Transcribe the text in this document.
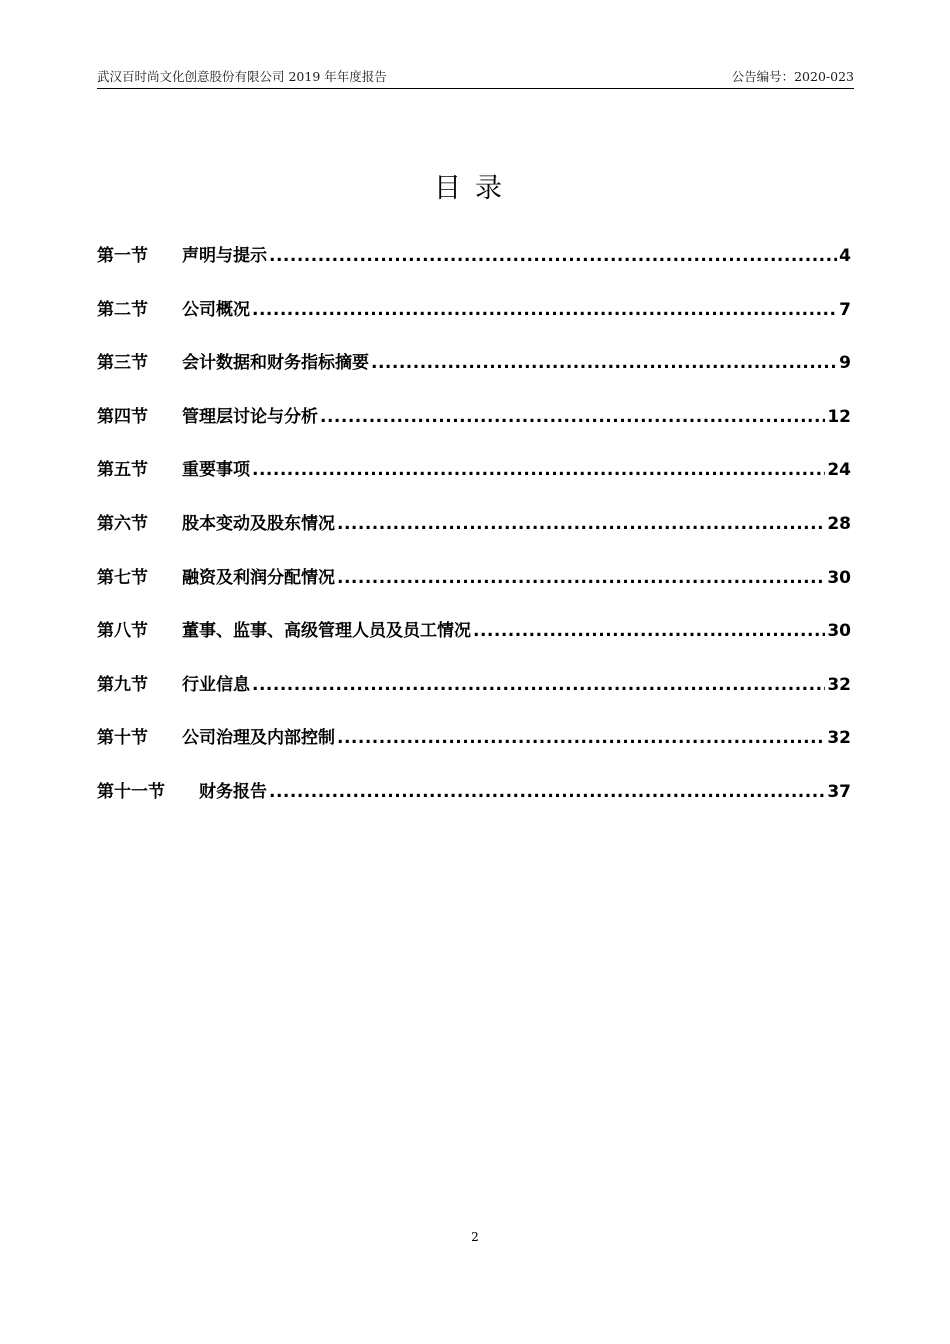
武汉百时尚文化创意股份有限公司 2019 年年度报告	公告编号：2020-023
目录
第一节	声明与提示 .....	4
第二节	公司概况 .....	7
第三节	会计数据和财务指标摘要 .....	9
第四节	管理层讨论与分析 .....	12
第五节	重要事项 .....	24
第六节	股本变动及股东情况 .....	28
第七节	融资及利润分配情况 .....	30
第八节	董事、监事、高级管理人员及员工情况 .....	30
第九节	行业信息 .....	32
第十节	公司治理及内部控制 .....	32
第十一节	财务报告 .....	37
2
